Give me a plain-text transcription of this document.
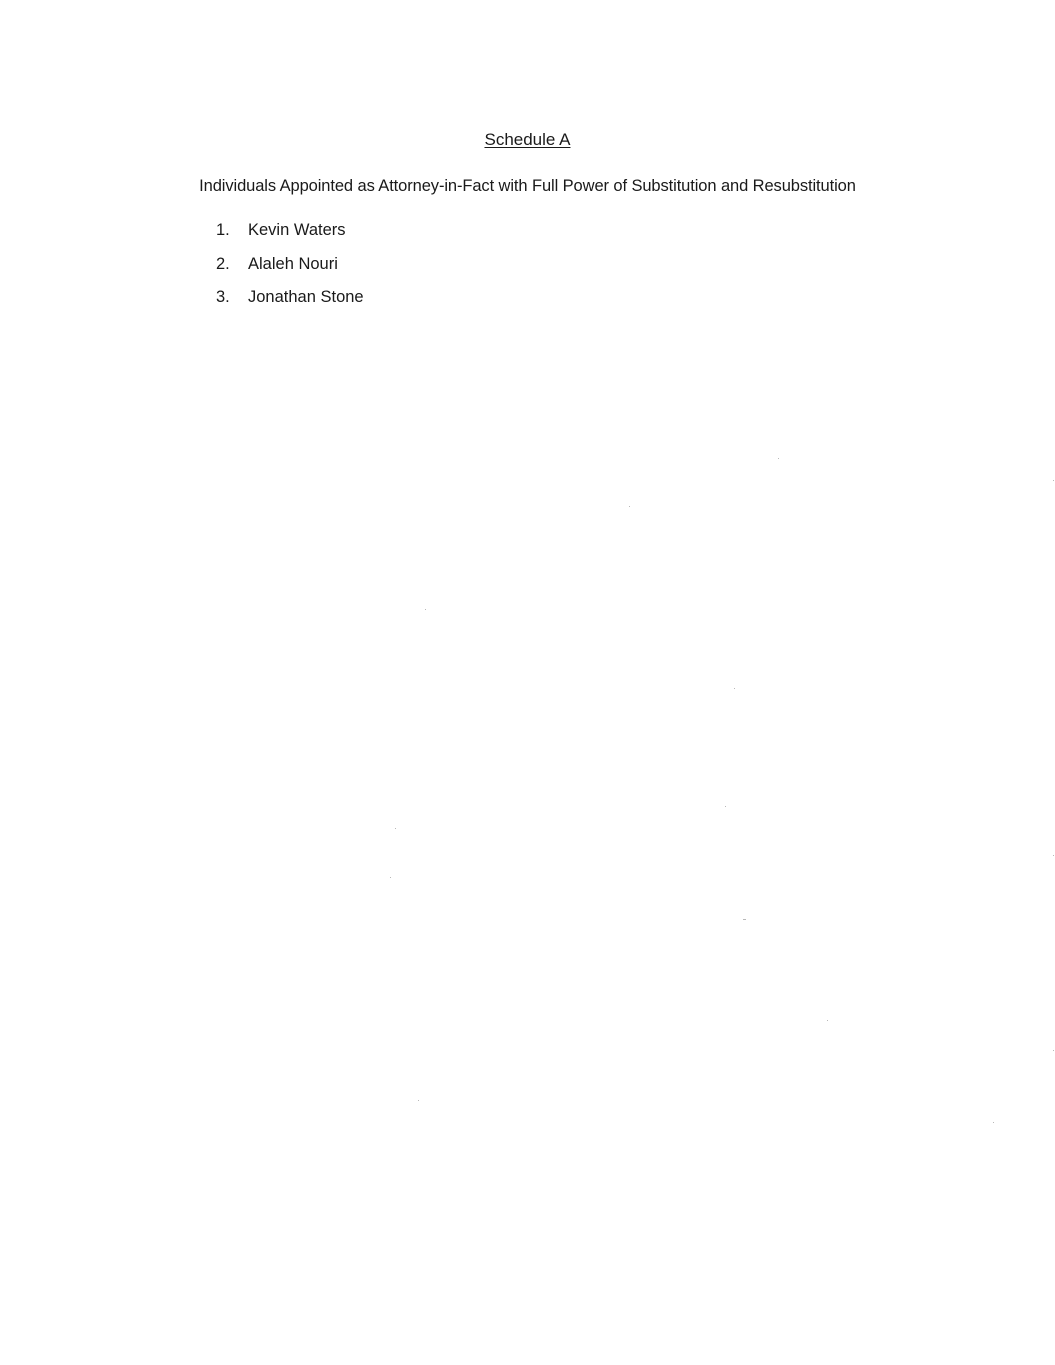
Schedule A
Individuals Appointed as Attorney-in-Fact with Full Power of Substitution and Resubstitution
1.	Kevin Waters
2.	Alaleh Nouri
3.	Jonathan Stone
